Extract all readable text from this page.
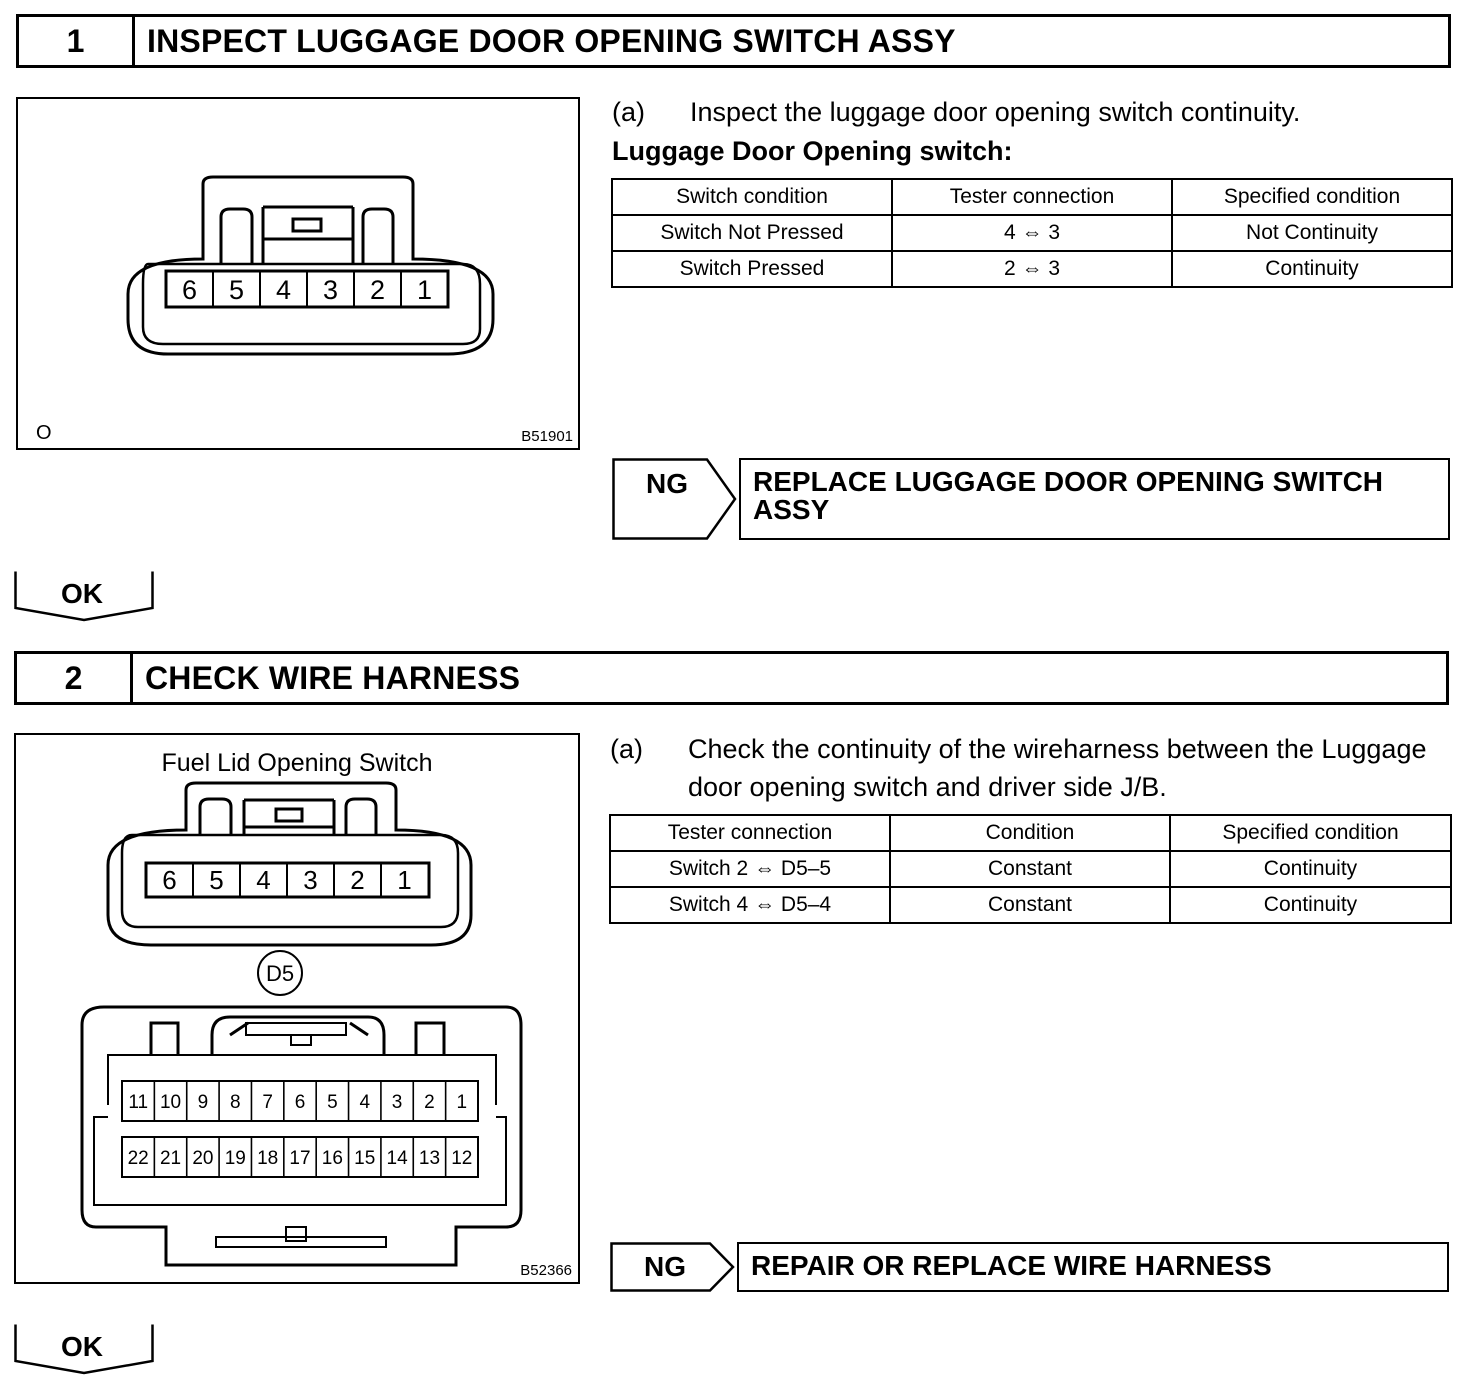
1	INSPECT LUGGAGE DOOR OPENING SWITCH ASSY
6 5 4 3 2 1
O	B51901
(a)	Inspect the luggage door opening switch continuity.
Luggage Door Opening switch:
Switch condition	Tester connection	Specified condition
Switch Not Pressed	4 ⇔ 3	Not Continuity
Switch Pressed	2 ⇔ 3	Continuity
NG	REPLACE LUGGAGE DOOR OPENING SWITCH ASSY
OK
2	CHECK WIRE HARNESS
Fuel Lid Opening Switch
6 5 4 3 2 1
D5
11 10 9 8 7 6 5 4 3 2 1
22 21 20 19 18 17 16 15 14 13 12
B52366
(a)	Check the continuity of the wireharness between the Luggage door opening switch and driver side J/B.
Tester connection	Condition	Specified condition
Switch 2 ⇔ D5–5	Constant	Continuity
Switch 4 ⇔ D5–4	Constant	Continuity
NG	REPAIR OR REPLACE WIRE HARNESS
OK
